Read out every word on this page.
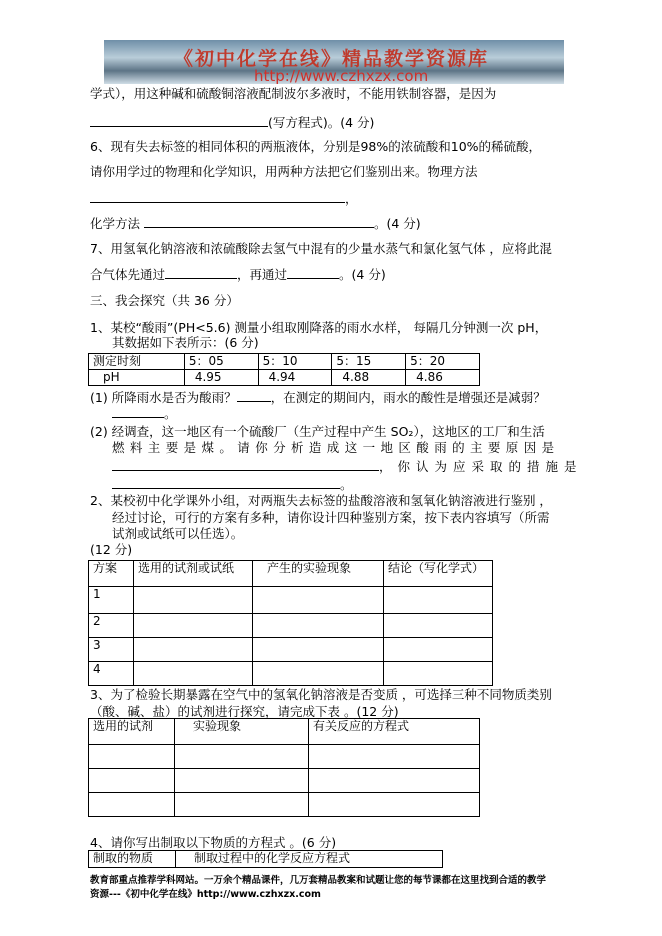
《初中化学在线》精品教学资源库
http://www.czhxzx.com
学式），用这种碱和硫酸铜溶液配制波尔多液时，不能用铁制容器，是因为
(写方程式)。(4 分)
6、现有失去标签的相同体积的两瓶液体，分别是98%的浓硫酸和10%的稀硫酸，
请你用学过的物理和化学知识，用两种方法把它们鉴别出来。物理方法
，
化学方法	。(4 分)
7、用氢氧化钠溶液和浓硫酸除去氢气中混有的少量水蒸气和氯化氢气体 ，应将此混
合气体先通过	，再通过	。(4 分)
三、我会探究（共 36 分）
1、某校“酸雨”(PH<5.6) 测量小组取刚降落的雨水水样， 每隔几分钟测一次 pH，
其数据如下表所示：(6 分)
测定时刻	5：05	5：10	5：15	5：20
pH	4.95	4.94	4.88	4.86
(1) 所降雨水是否为酸雨？	，在测定的期间内，雨水的酸性是增强还是减弱？
。
(2) 经调查，这一地区有一个硫酸厂（生产过程中产生 SO₂），这地区的工厂和生活
燃料主要是煤。请你分析造成这一地区酸雨的主要原因是
，你认为应采取的措施是
。
2、某校初中化学课外小组，对两瓶失去标签的盐酸溶液和氢氧化钠溶液进行鉴别 ，
经过讨论，可行的方案有多种，请你设计四种鉴别方案，按下表内容填写（所需
试剂或试纸可以任选）。
(12 分)
方案	选用的试剂或试纸	产生的实验现象	结论（写化学式）
1			
2			
3			
4			
3、为了检验长期暴露在空气中的氢氧化钠溶液是否变质 ，可选择三种不同物质类别
（酸、碱、盐）的试剂进行探究，请完成下表 。(12 分)
选用的试剂	实验现象	有关反应的方程式

4、请你写出制取以下物质的方程式 。(6 分)
制取的物质	制取过程中的化学反应方程式
教育部重点推荐学科网站。一万余个精品课件，几万套精品教案和试题让您的每节课都在这里找到合适的教学
资源---《初中化学在线》http://www.czhxzx.com
